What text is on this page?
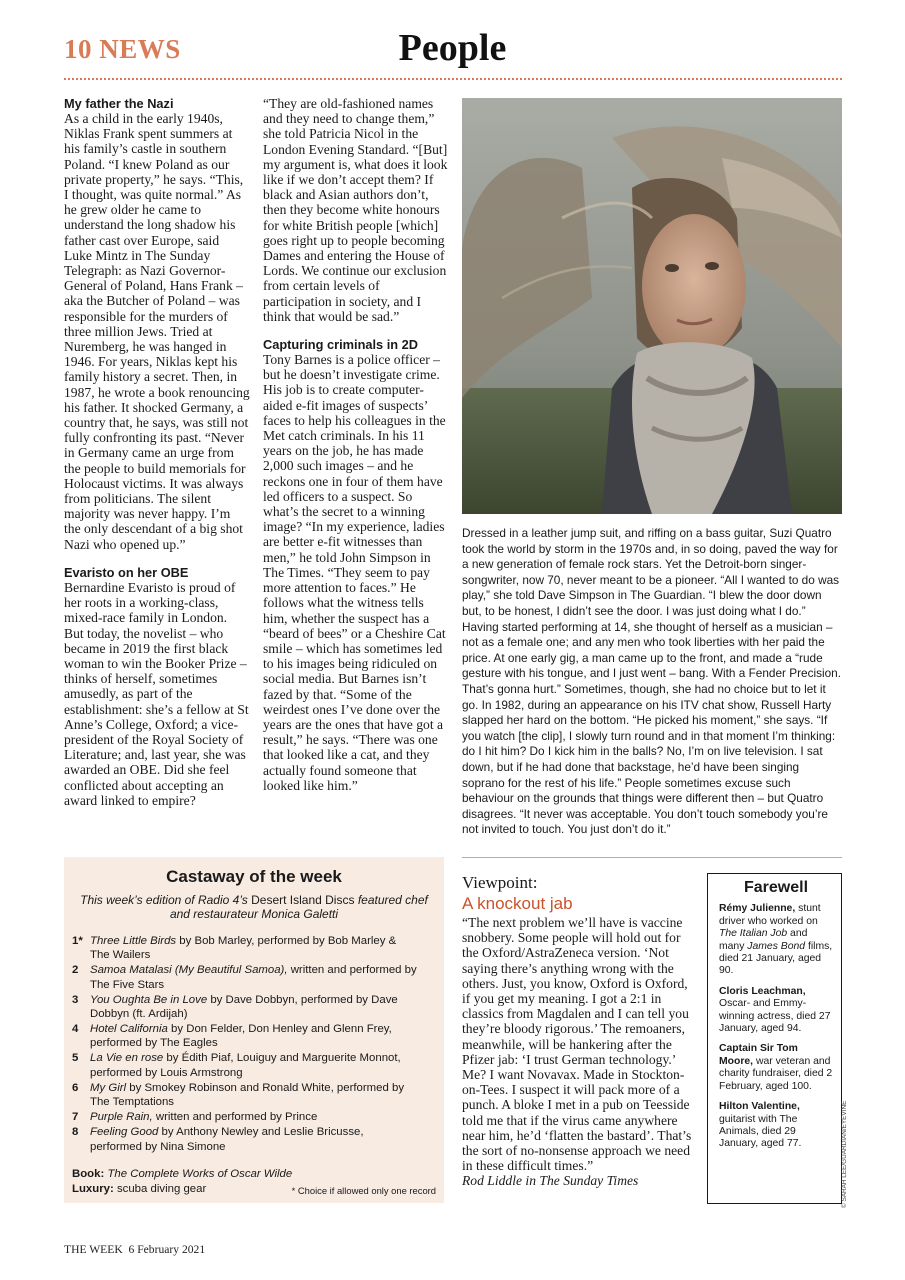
10 NEWS	People
My father the Nazi

As a child in the early 1940s, Niklas Frank spent summers at his family’s castle in southern Poland. “I knew Poland as our private property,” he says. “This, I thought, was quite normal.” As he grew older he came to understand the long shadow his father cast over Europe, said Luke Mintz in The Sunday Telegraph: as Nazi Governor-General of Poland, Hans Frank – aka the Butcher of Poland – was responsible for the murders of three million Jews. Tried at Nuremberg, he was hanged in 1946. For years, Niklas kept his family history a secret. Then, in 1987, he wrote a book renouncing his father. It shocked Germany, a country that, he says, was still not fully confronting its past. “Never in Germany came an urge from the people to build memorials for Holocaust victims. It was always from politicians. The silent majority was never happy. I’m the only descendant of a big shot Nazi who opened up.”

Evaristo on her OBE

Bernardine Evaristo is proud of her roots in a working-class, mixed-race family in London. But today, the novelist – who became in 2019 the first black woman to win the Booker Prize – thinks of herself, sometimes amusedly, as part of the establishment: she’s a fellow at St Anne’s College, Oxford; a vice-president of the Royal Society of Literature; and, last year, she was awarded an OBE. Did she feel conflicted about accepting an award linked to empire?

“They are old-fashioned names and they need to change them,” she told Patricia Nicol in the London Evening Standard. “[But] my argument is, what does it look like if we don’t accept them? If black and Asian authors don’t, then they become white honours for white British people [which] goes right up to people becoming Dames and entering the House of Lords. We continue our exclusion from certain levels of participation in society, and I think that would be sad.”

Capturing criminals in 2D

Tony Barnes is a police officer – but he doesn’t investigate crime. His job is to create computer-aided e-fit images of suspects’ faces to help his colleagues in the Met catch criminals. In his 11 years on the job, he has made 2,000 such images – and he reckons one in four of them have led officers to a suspect. So what’s the secret to a winning image? “In my experience, ladies are better e-fit witnesses than men,” he told John Simpson in The Times. “They seem to pay more attention to faces.” He follows what the witness tells him, whether the suspect has a “beard of bees” or a Cheshire Cat smile – which has sometimes led to his images being ridiculed on social media. But Barnes isn’t fazed by that. “Some of the weirdest ones I’ve done over the years are the ones that have got a result,” he says. “There was one that looked like a cat, and they actually found someone that looked like him.”

Dressed in a leather jump suit, and riffing on a bass guitar, Suzi Quatro took the world by storm in the 1970s and, in so doing, paved the way for a new generation of female rock stars. Yet the Detroit-born singer-songwriter, now 70, never meant to be a pioneer. “All I wanted to do was play,” she told Dave Simpson in The Guardian. “I blew the door down but, to be honest, I didn’t see the door. I was just doing what I do.” Having started performing at 14, she thought of herself as a musician – not as a female one; and any men who took liberties with her paid the price. At one early gig, a man came up to the front, and made a “rude gesture with his tongue, and I just went – bang. With a Fender Precision. That’s gonna hurt.” Sometimes, though, she had no choice but to let it go. In 1982, during an appearance on his ITV chat show, Russell Harty slapped her hard on the bottom. “He picked his moment,” she says. “If you watch [the clip], I slowly turn round and in that moment I’m thinking: do I hit him? Do I kick him in the balls? No, I’m on live television. I sat down, but if he had done that backstage, he’d have been singing soprano for the rest of his life.” People sometimes excuse such behaviour on the grounds that things were different then – but Quatro disagrees. “It never was acceptable. You don’t touch somebody you’re not invited to touch. You just don’t do it.”
Castaway of the week
This week’s edition of Radio 4’s Desert Island Discs featured chef and restaurateur Monica Galetti
1* Three Little Birds by Bob Marley, performed by Bob Marley & The Wailers
2 Samoa Matalasi (My Beautiful Samoa), written and performed by The Five Stars
3 You Oughta Be in Love by Dave Dobbyn, performed by Dave Dobbyn (ft. Ardijah)
4 Hotel California by Don Felder, Don Henley and Glenn Frey, performed by The Eagles
5 La Vie en rose by Édith Piaf, Louiguy and Marguerite Monnot, performed by Louis Armstrong
6 My Girl by Smokey Robinson and Ronald White, performed by The Temptations
7 Purple Rain, written and performed by Prince
8 Feeling Good by Anthony Newley and Leslie Bricusse, performed by Nina Simone
Book: The Complete Works of Oscar Wilde
Luxury: scuba diving gear	* Choice if allowed only one record
Viewpoint:
A knockout jab
“The next problem we’ll have is vaccine snobbery. Some people will hold out for the Oxford/AstraZeneca version. ‘Not saying there’s anything wrong with the others. Just, you know, Oxford is Oxford, if you get my meaning. I got a 2:1 in classics from Magdalen and I can tell you they’re bloody rigorous.’ The remoaners, meanwhile, will be hankering after the Pfizer jab: ‘I trust German technology.’ Me? I want Novavax. Made in Stockton-on-Tees. I suspect it will pack more of a punch. A bloke I met in a pub on Teesside told me that if the virus came anywhere near him, he’d ‘flatten the bastard’. That’s the sort of no-nonsense approach we need in these difficult times.”
Rod Liddle in The Sunday Times
Farewell
Rémy Julienne, stunt driver who worked on The Italian Job and many James Bond films, died 21 January, aged 90.
Cloris Leachman, Oscar- and Emmy-winning actress, died 27 January, aged 94.
Captain Sir Tom Moore, war veteran and charity fundraiser, died 2 February, aged 100.
Hilton Valentine, guitarist with The Animals, died 29 January, aged 77.	© SARAH LEE/GUARDIAN/EYEVINE
THE WEEK 6 February 2021
